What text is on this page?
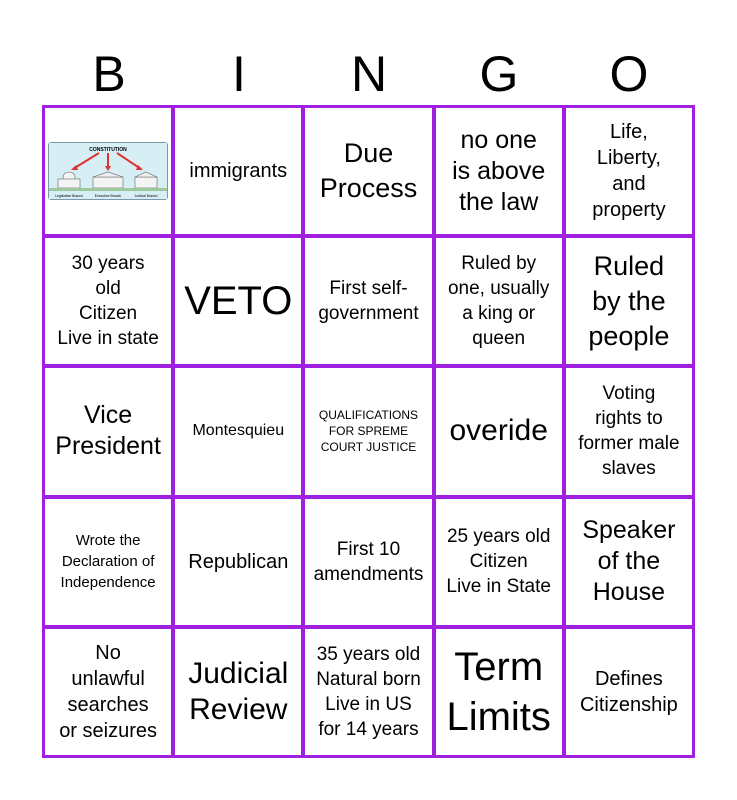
B	I	N	G	O
CONSTITUTION
Legislative Branch	Executive Branch	Judicial Branch
immigrants
Due
Process
no one
is above
the law
Life,
Liberty,
and
property
30 years
old
Citizen
Live in state
VETO	First self-
government
Ruled by
one, usually
a king or
queen
Ruled
by the
people
Vice
President
Montesquieu
QUALIFICATIONS
FOR SPREME
COURT JUSTICE overide
Voting
rights to
former male
slaves
Wrote the
Declaration of
Independence
Republican
First 10
amendments
25 years old
Citizen
Live in State
Speaker
of the
House
No
unlawful
searches
or seizures
Judicial
Review
35 years old
Natural born
Live in US
for 14 years
Term
Limits
Defines
Citizenship
